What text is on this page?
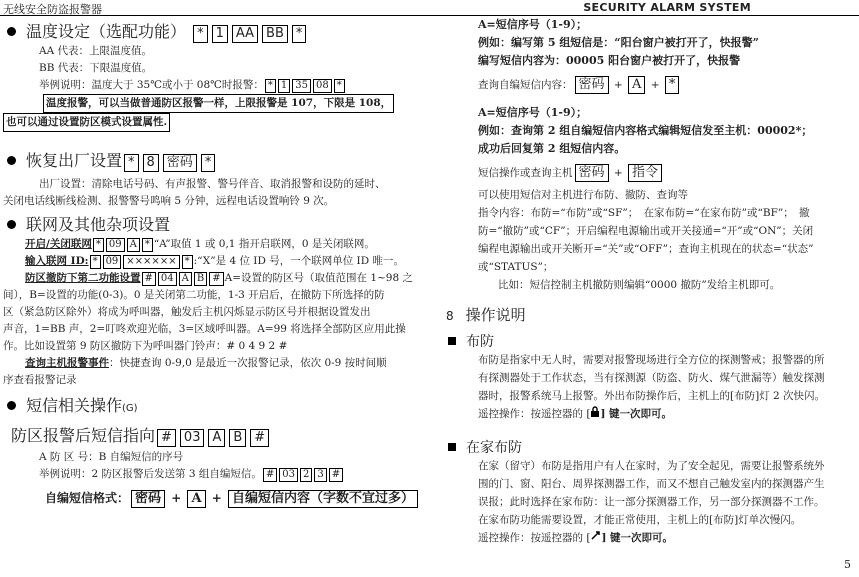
无线安全防盗报警器	SECURITY ALARM SYSTEM
温度设定（选配功能） * 1 AA BB *
AA 代表：上限温度值。
BB 代表：下限温度值。
举例说明：温度大于 35℃或小于 08℃时报警： * 1 35 08 *
温度报警，可以当做普通防区报警一样，上限报警是 107，下限是 108，
也可以通过设置防区模式设置属性.
恢复出厂设置 * 8 密码 *
出厂设置：清除电话号码、有声报警、警号伴音、取消报警和设防的延时、
关闭电话线断线检测、报警警号鸣响 5 分钟，远程电话设置响铃 9 次。
联网及其他杂项设置
开启/关闭联网 * 09 A * “A”取值 1 或 0,1 指开启联网，0 是关闭联网。
输入联网 ID: * 09 ×××××× * :“X”是 4 位 ID 号，一个联网单位 ID 唯一。
防区撤防下第二功能设置 # 04 A B # A=设置的防区号（取值范围在 1~98 之
间），B=设置的功能(0-3)。0 是关闭第二功能，1-3 开启后，在撤防下所选择的防
区（紧急防区除外）将成为呼叫器，触发后主机闪烁显示防区号并根据设置发出
声音，1=BB 声，2=叮咚欢迎光临，3=区域呼叫器。A=99 将选择全部防区应用此操
作。比如设置第 9 防区撤防下为呼叫器门铃声：# 0 4 9 2 #
查询主机报警事件：快捷查询 0-9,0 是最近一次报警记录，依次 0-9 按时间顺
序查看报警记录
短信相关操作(G)
防区报警后短信指向 # 03 A B #
A 防 区 号：B 自编短信的序号
举例说明：2 防区报警后发送第 3 组自编短信。 # 03 2 3 #
自编短信格式： 密码 + A + 自编短信内容（字数不宜过多）
A=短信序号（1-9）；
例如：编写第 5 组短信是：“阳台窗户被打开了，快报警”
编写短信内容为：00005 阳台窗户被打开了，快报警
查询自编短信内容： 密码 + A + *
A=短信序号（1-9）；
例如：查询第 2 组自编短信内容格式编辑短信发至主机：00002*；
成功后回复第 2 组短信内容。
短信操作或查询主机 密码 + 指令
可以使用短信对主机进行布防、撤防、查询等
指令内容：布防=“布防”或“SF”；　在家布防=“在家布防”或“BF”；　撤
防=“撤防”或“CF”；开启编程电源输出或开关接通=“开”或“ON”；关闭
编程电源输出或开关断开=“关”或“OFF”；查询主机现在的状态=“状态”
或“STATUS”；
比如：短信控制主机撤防则编辑“0000 撤防”发给主机即可。
8 操作说明
布防
布防是指家中无人时，需要对报警现场进行全方位的探测警戒；报警器的所
有探测器处于工作状态，当有探测源（防盗、防火、煤气泄漏等）触发探测
器时，报警系统马上报警。外出布防操作后，主机上的[布防]灯 2 次快闪。
遥控操作：按遥控器的 [ ] 键一次即可。
在家布防
在家（留守）布防是指用户有人在家时，为了安全起见，需要让报警系统外
围的门、窗、阳台、周界探测器工作，而又不想自己触发室内的探测器产生
误报；此时选择在家布防：让一部分探测器工作，另一部分探测器不工作。
在家布防功能需要设置，才能正常使用，主机上的[布防]灯单次慢闪。
遥控操作：按遥控器的 [ ] 键一次即可。
5
